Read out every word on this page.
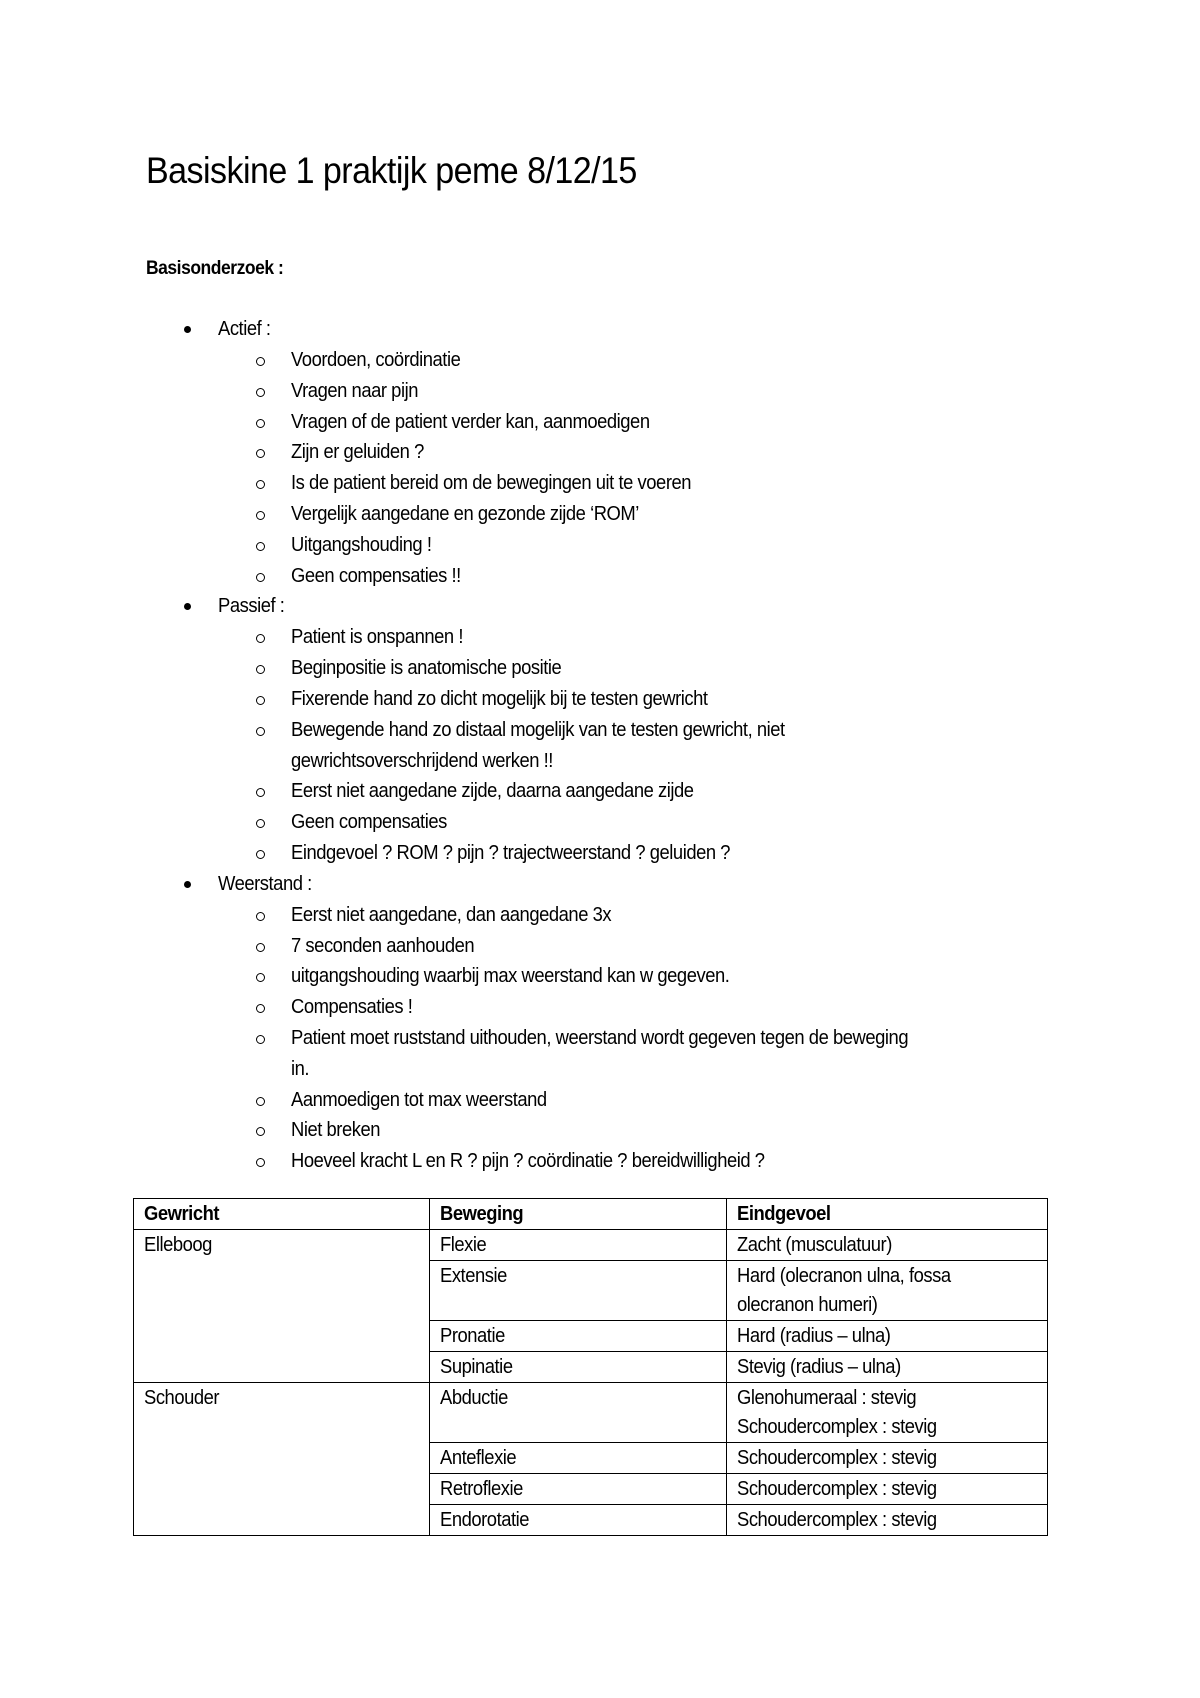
Basiskine 1 praktijk peme 8/12/15
Basisonderzoek :
Actief :
Voordoen, coördinatie
Vragen naar pijn
Vragen of de patient verder kan, aanmoedigen
Zijn er geluiden ?
Is de patient bereid om de bewegingen uit te voeren
Vergelijk aangedane en gezonde zijde ‘ROM’
Uitgangshouding !
Geen compensaties !!
Passief :
Patient is onspannen !
Beginpositie is anatomische positie
Fixerende hand zo dicht mogelijk bij te testen gewricht
Bewegende hand zo distaal mogelijk van te testen gewricht, niet gewrichtsoverschrijdend werken !!
Eerst niet aangedane zijde, daarna aangedane zijde
Geen compensaties
Eindgevoel ? ROM ? pijn ? trajectweerstand ? geluiden ?
Weerstand :
Eerst niet aangedane, dan aangedane 3x
7 seconden aanhouden
uitgangshouding waarbij max weerstand kan w gegeven.
Compensaties !
Patient moet ruststand uithouden, weerstand wordt gegeven tegen de beweging in.
Aanmoedigen tot max weerstand
Niet breken
Hoeveel kracht L en R ? pijn ? coördinatie ? bereidwilligheid ?
Gewricht	Beweging	Eindgevoel

Elleboog	Flexie	Zacht (musculatuur)

	Extensie	Hard (olecranon ulna, fossa olecranon humeri)

	Pronatie	Hard (radius – ulna)

	Supinatie	Stevig (radius – ulna)

Schouder	Abductie	Glenohumeraal : stevig
Schoudercomplex : stevig

	Anteflexie	Schoudercomplex : stevig

	Retroflexie	Schoudercomplex : stevig

	Endorotatie	Schoudercomplex : stevig
